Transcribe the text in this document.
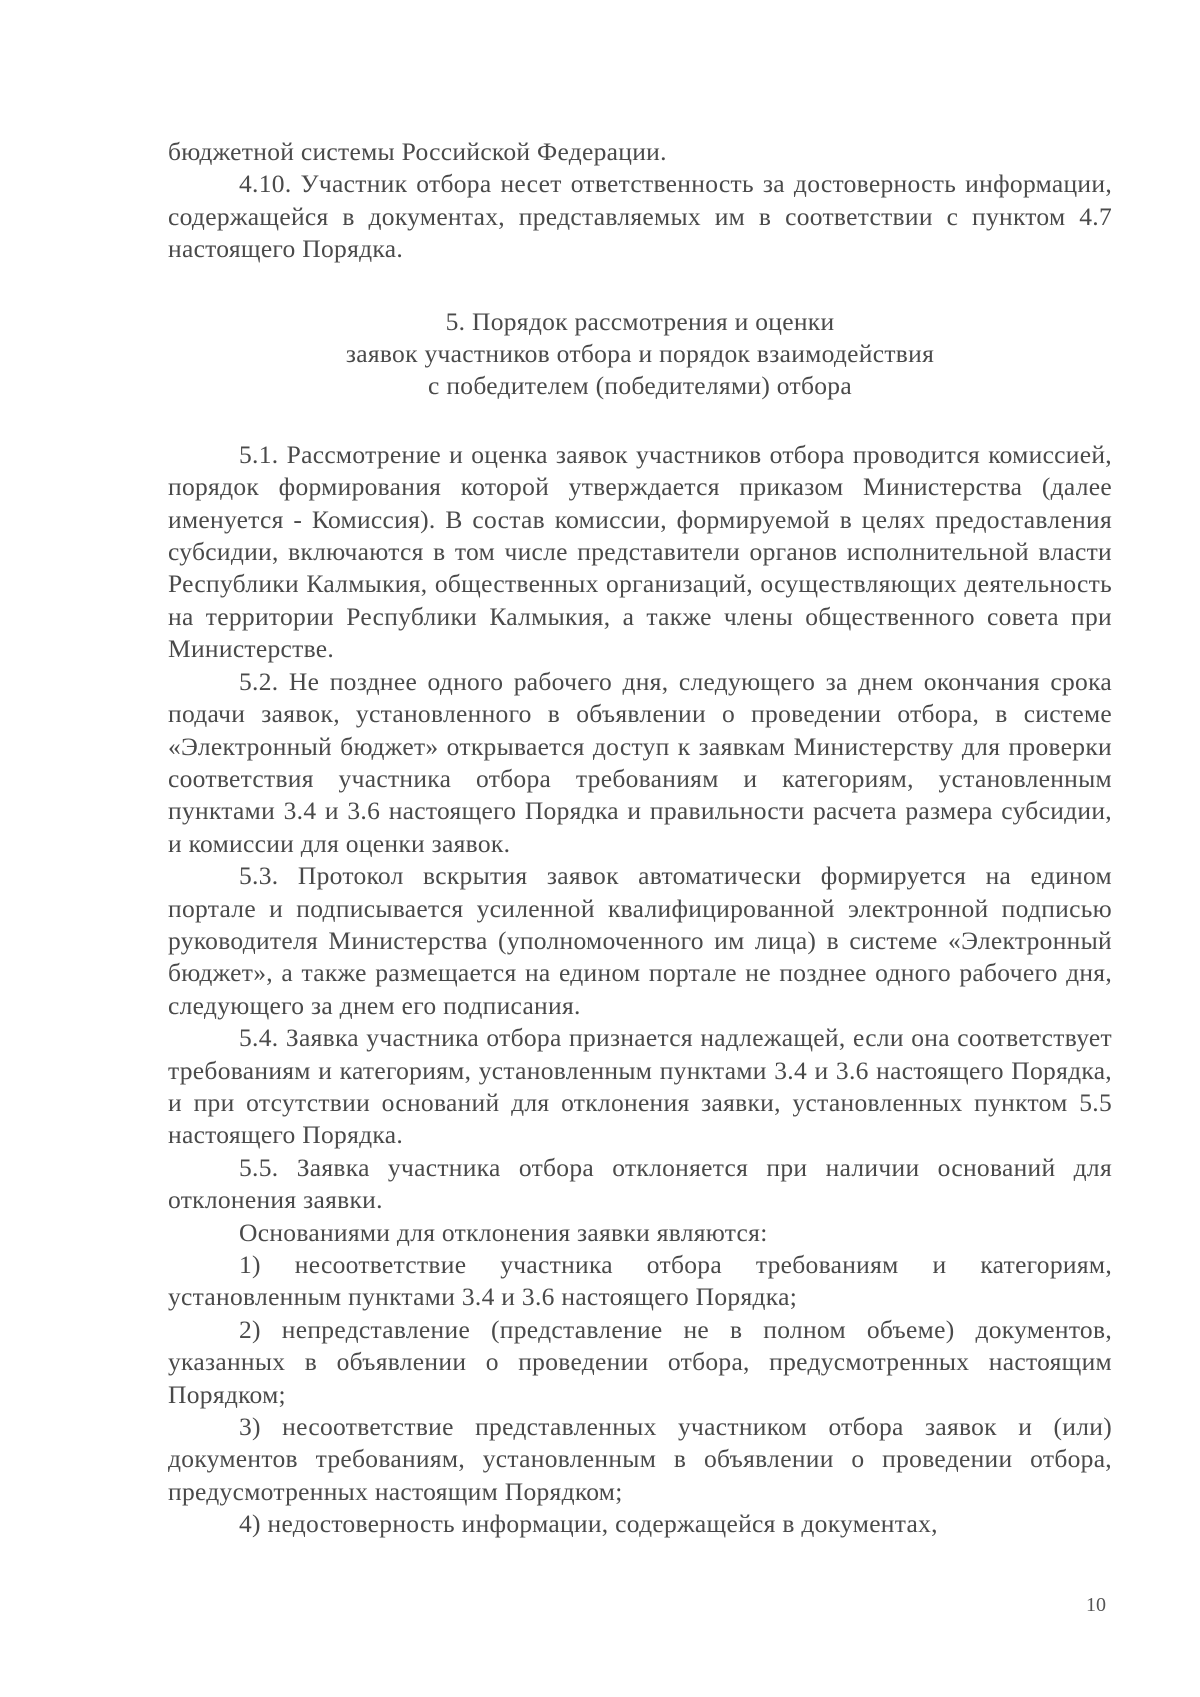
бюджетной системы Российской Федерации.

4.10. Участник отбора несет ответственность за достоверность информации, содержащейся в документах, представляемых им в соответствии с пунктом 4.7 настоящего Порядка.

5. Порядок рассмотрения и оценки
заявок участников отбора и порядок взаимодействия
с победителем (победителями) отбора

5.1. Рассмотрение и оценка заявок участников отбора проводится комиссией, порядок формирования которой утверждается приказом Министерства (далее именуется - Комиссия). В состав комиссии, формируемой в целях предоставления субсидии, включаются в том числе представители органов исполнительной власти Республики Калмыкия, общественных организаций, осуществляющих деятельность на территории Республики Калмыкия, а также члены общественного совета при Министерстве.

5.2. Не позднее одного рабочего дня, следующего за днем окончания срока подачи заявок, установленного в объявлении о проведении отбора, в системе «Электронный бюджет» открывается доступ к заявкам Министерству для проверки соответствия участника отбора требованиям и категориям, установленным пунктами 3.4 и 3.6 настоящего Порядка и правильности расчета размера субсидии, и комиссии для оценки заявок.

5.3. Протокол вскрытия заявок автоматически формируется на едином портале и подписывается усиленной квалифицированной электронной подписью руководителя Министерства (уполномоченного им лица) в системе «Электронный бюджет», а также размещается на едином портале не позднее одного рабочего дня, следующего за днем его подписания.

5.4. Заявка участника отбора признается надлежащей, если она соответствует требованиям и категориям, установленным пунктами 3.4 и 3.6 настоящего Порядка, и при отсутствии оснований для отклонения заявки, установленных пунктом 5.5 настоящего Порядка.

5.5. Заявка участника отбора отклоняется при наличии оснований для отклонения заявки.

Основаниями для отклонения заявки являются:

1) несоответствие участника отбора требованиям и категориям, установленным пунктами 3.4 и 3.6 настоящего Порядка;

2) непредставление (представление не в полном объеме) документов, указанных в объявлении о проведении отбора, предусмотренных настоящим Порядком;

3) несоответствие представленных участником отбора заявок и (или) документов требованиям, установленным в объявлении о проведении отбора, предусмотренных настоящим Порядком;

4) недостоверность информации, содержащейся в документах,

10
